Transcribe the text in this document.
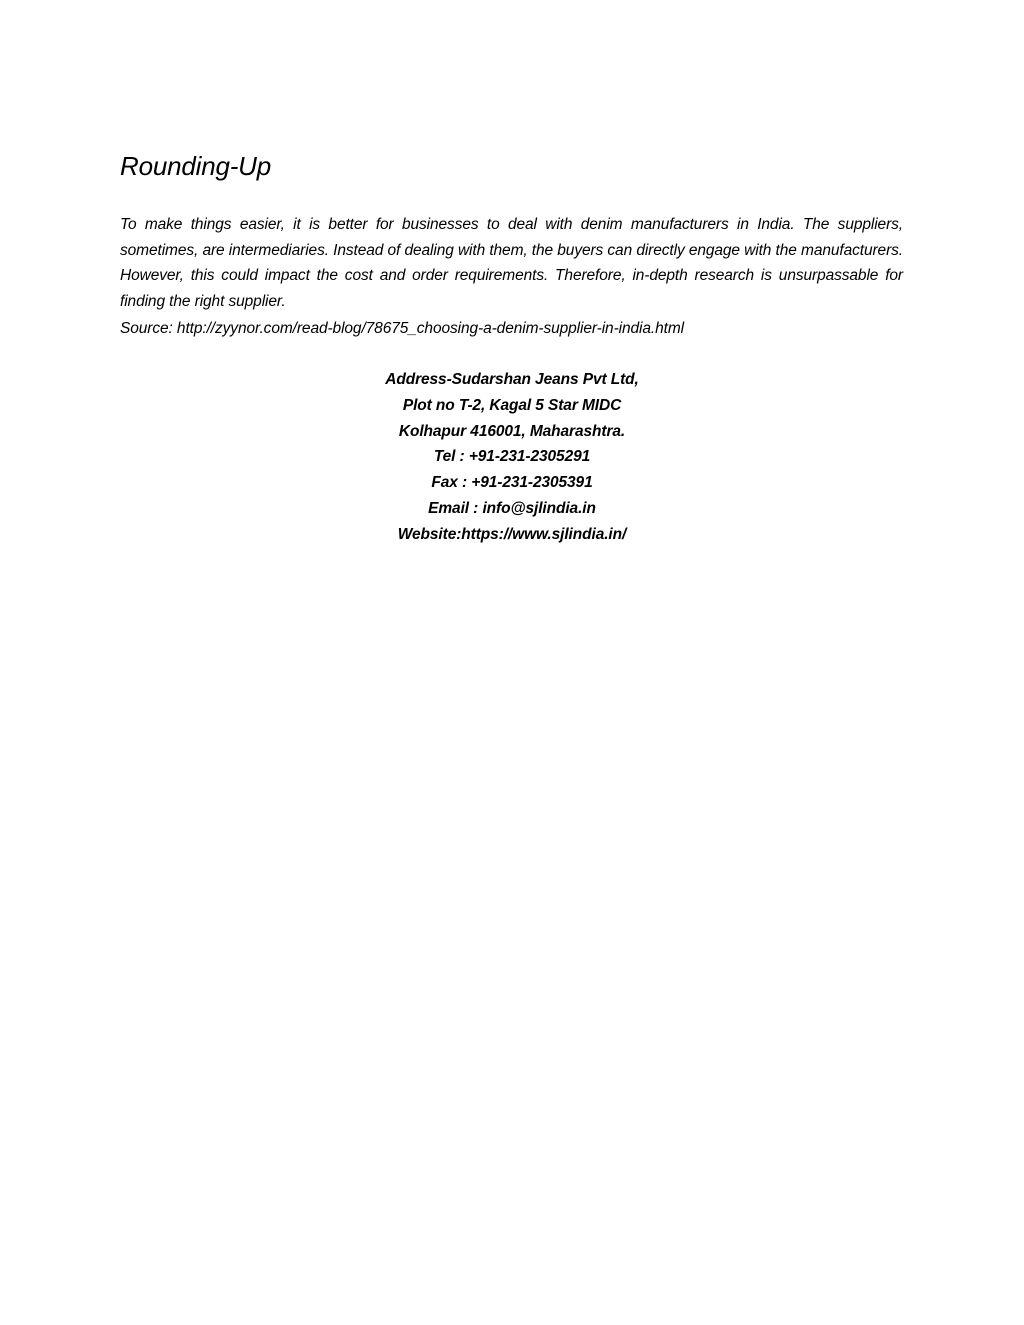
Rounding-Up

To make things easier, it is better for businesses to deal with denim manufacturers in India. The suppliers, sometimes, are intermediaries. Instead of dealing with them, the buyers can directly engage with the manufacturers. However, this could impact the cost and order requirements. Therefore, in-depth research is unsurpassable for finding the right supplier.

Source: http://zyynor.com/read-blog/78675_choosing-a-denim-supplier-in-india.html

Address-Sudarshan Jeans Pvt Ltd,
Plot no T-2, Kagal 5 Star MIDC
Kolhapur 416001, Maharashtra.
Tel : +91-231-2305291
Fax : +91-231-2305391
Email : info@sjlindia.in
Website:https://www.sjlindia.in/
